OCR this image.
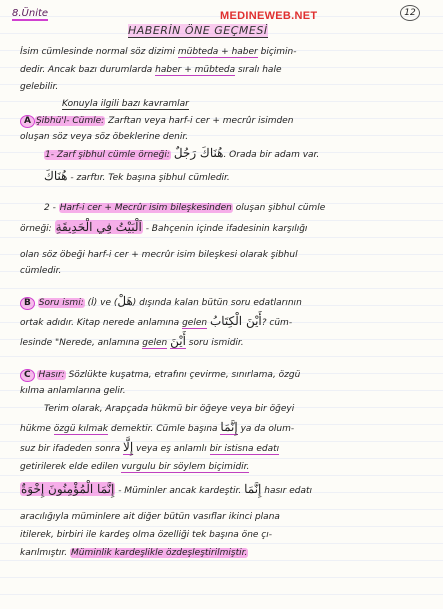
8.Ünite
HABERİN ÖNE GEÇMESİ
MEDINEWEB.NET	12
İsim cümlesinde normal söz dizimi mübteda + haber biçimin-
dedir. Ancak bazı durumlarda haber + mübteda sıralı hale
gelebilir.
Konuyla ilgili bazı kavramlar
A Şibhü'l- Cümle: Zarftan veya harf-i cer + mecrûr isimden
oluşan söz veya söz öbeklerine denir.
1- Zarf şibhul cümle örneği: هُنَاكَ رَجُلٌ. Orada bir adam var.
هُنَاكَ - zarftır. Tek başına şibhul cümledir.
2 - Harf-i cer + Mecrûr isim bileşkesinden oluşan şibhul cümle
örneği: اَلْبَيْتُ فِي الْحَدِيقَةِ - Bahçenin içinde ifadesinin karşılığı
olan söz öbeği harf-i cer + mecrûr isim bileşkesi olarak şibhul
cümledir.
B Soru ismi: (İ) ve (هَلْ) dışında kalan bütün soru edatlarının
ortak adıdır. Kitap nerede anlamına gelen أَيْنَ الْكِتَابُ? cüm-
lesinde "Nerede, anlamına gelen أَيْنَ soru ismidir.
C Hasır: Sözlükte kuşatma, etrafını çevirme, sınırlama, özgü
kılma anlamlarına gelir.
Terim olarak, Arapçada hükmü bir öğeye veya bir öğeyi
hükme özgü kılmak demektir. Cümle başına إِنَّمَا ya da olum-
suz bir ifadeden sonra إِلَّا veya eş anlamlı bir istisna edatı
getirilerek elde edilen vurgulu bir söylem biçimidir.
إِنَّمَا الْمُؤْمِنُونَ إِخْوَةٌ - Müminler ancak kardeştir. إِنَّمَا hasır edatı
aracılığıyla müminlere ait diğer bütün vasıflar ikinci plana
itilerek, birbiri ile kardeş olma özelliği tek başına öne çı-
karılmıştır. Müminlik kardeşlikle özdeşleştirilmiştir.
